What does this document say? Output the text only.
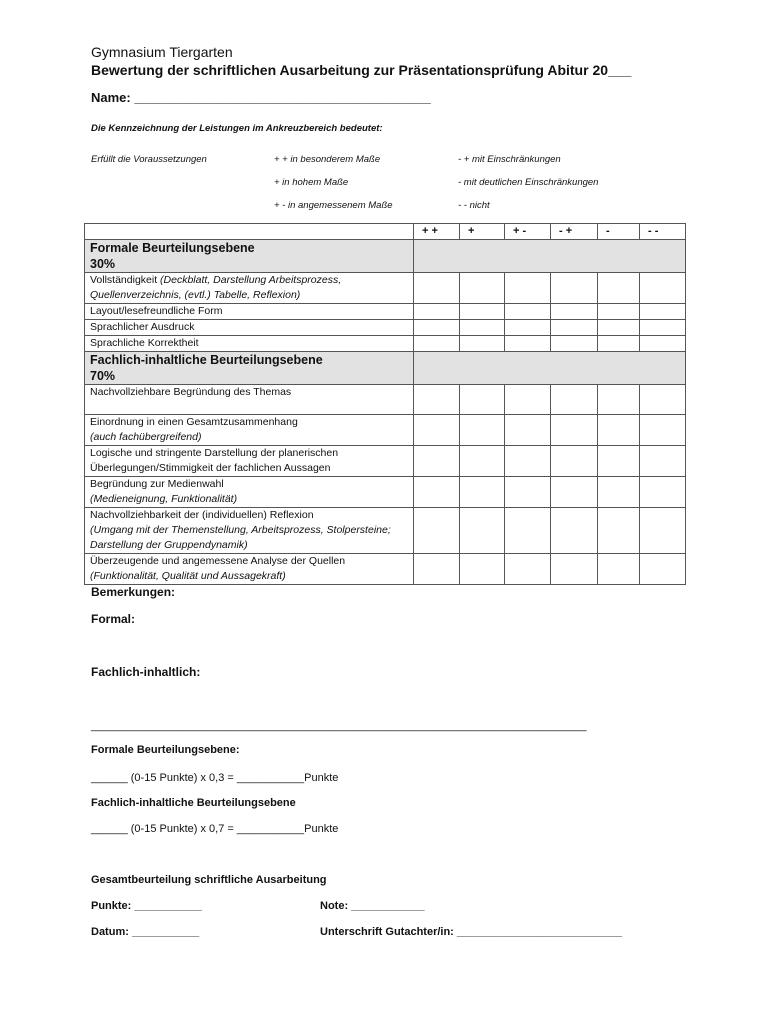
Gymnasium Tiergarten
Bewertung der schriftlichen Ausarbeitung zur Präsentationsprüfung Abitur 20___
Name: _________________________________________
Die Kennzeichnung der Leistungen im Ankreuzbereich bedeutet:
Erfüllt die Voraussetzungen	+ + in besonderem Maße
+ in hohem Maße
+ - in angemessenem Maße
- + mit Einschränkungen
- mit deutlichen Einschränkungen
- - nicht
	+ +	+	+ -	- +	-	- -

Formale Beurteilungsebene
30%						

Vollständigkeit (Deckblatt, Darstellung Arbeitsprozess, Quellenverzeichnis, (evtl.) Tabelle, Reflexion)						
Layout/lesefreundliche Form						
Sprachlicher Ausdruck						
Sprachliche Korrektheit						

Fachlich-inhaltliche Beurteilungsebene
70%						

Nachvollziehbare Begründung des Themas						
Einordnung in einen Gesamtzusammenhang
(auch fachübergreifend)						
Logische und stringente Darstellung der planerischen Überlegungen/Stimmigkeit der fachlichen Aussagen						
Begründung zur Medienwahl
(Medieneignung, Funktionalität)						
Nachvollziehbarkeit der (individuellen) Reflexion
(Umgang mit der Themenstellung, Arbeitsprozess, Stolpersteine; Darstellung der Gruppendynamik)						
Überzeugende und angemessene Analyse der Quellen
(Funktionalität, Qualität und Aussagekraft)						
Bemerkungen:
Formal:
Fachlich-inhaltlich:
_________________________________________________________________________________
Formale Beurteilungsebene:
______ (0-15 Punkte) x 0,3 = ___________Punkte
Fachlich-inhaltliche Beurteilungsebene
______ (0-15 Punkte) x 0,7 = ___________Punkte
Gesamtbeurteilung schriftliche Ausarbeitung
Punkte: ___________	Note: ____________
Datum: ___________	Unterschrift Gutachter/in: ___________________________
